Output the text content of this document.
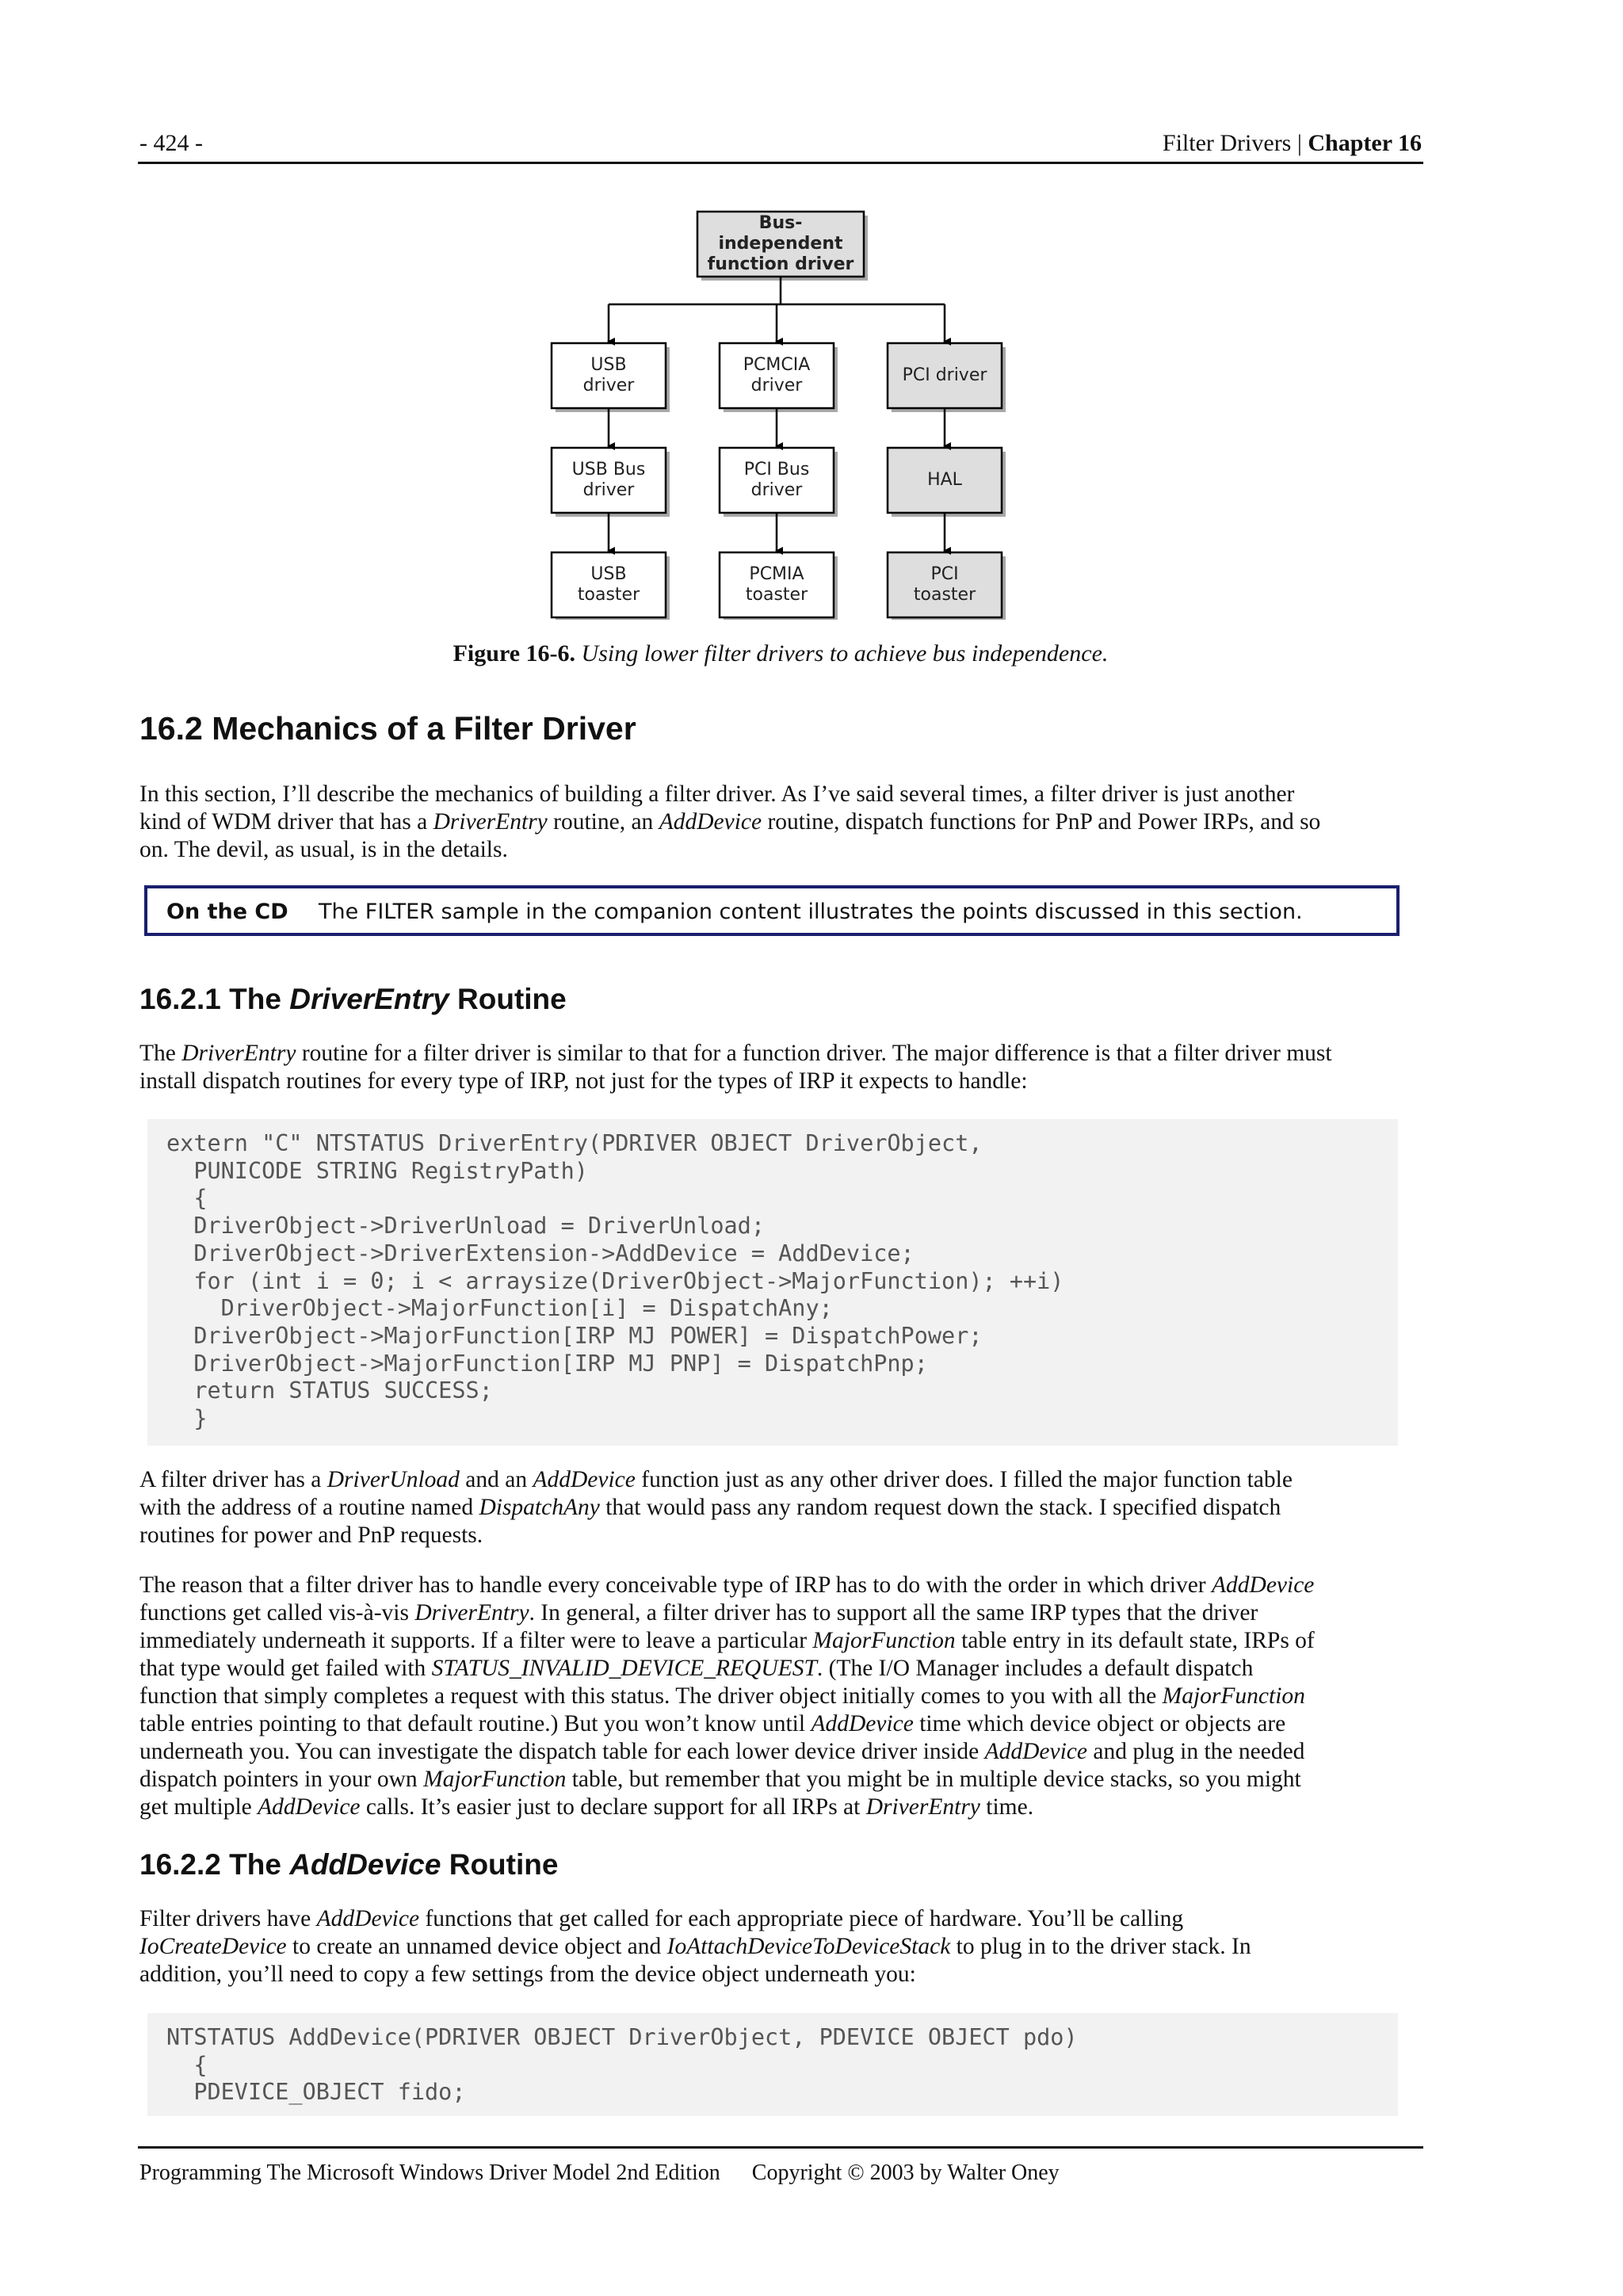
- 424 -	Filter Drivers | Chapter 16
Bus-independent
function driver
USB
driver
PCMCIA
driver
PCI driver
USB Bus
driver
PCI Bus
driver
HAL
USB
toaster
PCMIA
toaster
PCI
toaster
Figure 16-6. Using lower filter drivers to achieve bus independence.
16.2 Mechanics of a Filter Driver
In this section, I’ll describe the mechanics of building a filter driver. As I’ve said several times, a filter driver is just another
kind of WDM driver that has a DriverEntry routine, an AddDevice routine, dispatch functions for PnP and Power IRPs, and so
on. The devil, as usual, is in the details.
On the CD The FILTER sample in the companion content illustrates the points discussed in this section.
16.2.1 The DriverEntry Routine
The DriverEntry routine for a filter driver is similar to that for a function driver. The major difference is that a filter driver must
install dispatch routines for every type of IRP, not just for the types of IRP it expects to handle:
extern "C" NTSTATUS DriverEntry(PDRIVER OBJECT DriverObject,
PUNICODE STRING RegistryPath)
{
DriverObject->DriverUnload = DriverUnload;
DriverObject->DriverExtension->AddDevice = AddDevice;
for (int i = 0; i < arraysize(DriverObject->MajorFunction); ++i)
DriverObject->MajorFunction[i] = DispatchAny;
DriverObject->MajorFunction[IRP MJ POWER] = DispatchPower;
DriverObject->MajorFunction[IRP MJ PNP] = DispatchPnp;
return STATUS SUCCESS;
}
A filter driver has a DriverUnload and an AddDevice function just as any other driver does. I filled the major function table
with the address of a routine named DispatchAny that would pass any random request down the stack. I specified dispatch
routines for power and PnP requests.
The reason that a filter driver has to handle every conceivable type of IRP has to do with the order in which driver AddDevice
functions get called vis-à-vis DriverEntry. In general, a filter driver has to support all the same IRP types that the driver
immediately underneath it supports. If a filter were to leave a particular MajorFunction table entry in its default state, IRPs of
that type would get failed with STATUS_INVALID_DEVICE_REQUEST. (The I/O Manager includes a default dispatch
function that simply completes a request with this status. The driver object initially comes to you with all the MajorFunction
table entries pointing to that default routine.) But you won’t know until AddDevice time which device object or objects are
underneath you. You can investigate the dispatch table for each lower device driver inside AddDevice and plug in the needed
dispatch pointers in your own MajorFunction table, but remember that you might be in multiple device stacks, so you might
get multiple AddDevice calls. It’s easier just to declare support for all IRPs at DriverEntry time.
16.2.2 The AddDevice Routine
Filter drivers have AddDevice functions that get called for each appropriate piece of hardware. You’ll be calling
IoCreateDevice to create an unnamed device object and IoAttachDeviceToDeviceStack to plug in to the driver stack. In
addition, you’ll need to copy a few settings from the device object underneath you:
NTSTATUS AddDevice(PDRIVER OBJECT DriverObject, PDEVICE OBJECT pdo)
{
PDEVICE_OBJECT fido;
Programming The Microsoft Windows Driver Model 2nd Edition Copyright © 2003 by Walter Oney
